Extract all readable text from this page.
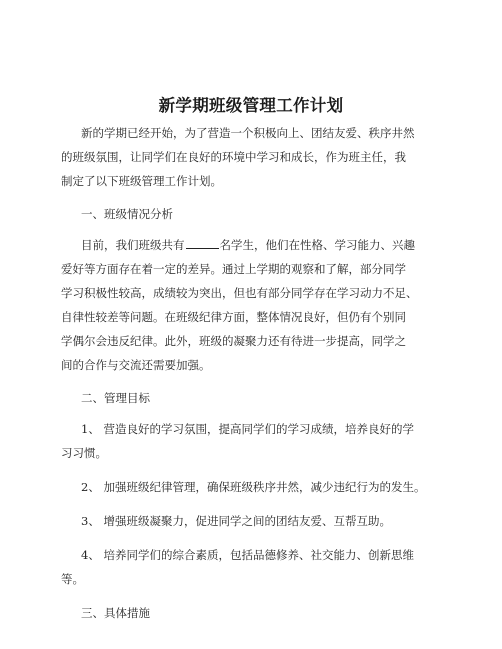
新学期班级管理工作计划
新的学期已经开始，为了营造一个积极向上、团结友爱、秩序井然
的班级氛围，让同学们在良好的环境中学习和成长，作为班主任，我
制定了以下班级管理工作计划。
一、班级情况分析
目前，我们班级共有	名学生，他们在性格、学习能力、兴趣
爱好等方面存在着一定的差异。通过上学期的观察和了解，部分同学
学习积极性较高，成绩较为突出，但也有部分同学存在学习动力不足、
自律性较差等问题。在班级纪律方面，整体情况良好，但仍有个别同
学偶尔会违反纪律。此外，班级的凝聚力还有待进一步提高，同学之
间的合作与交流还需要加强。
二、管理目标
1、 营造良好的学习氛围，提高同学们的学习成绩，培养良好的学
习习惯。
2、 加强班级纪律管理，确保班级秩序井然，减少违纪行为的发生。
3、 增强班级凝聚力，促进同学之间的团结友爱、互帮互助。
4、 培养同学们的综合素质，包括品德修养、社交能力、创新思维
等。
三、具体措施
